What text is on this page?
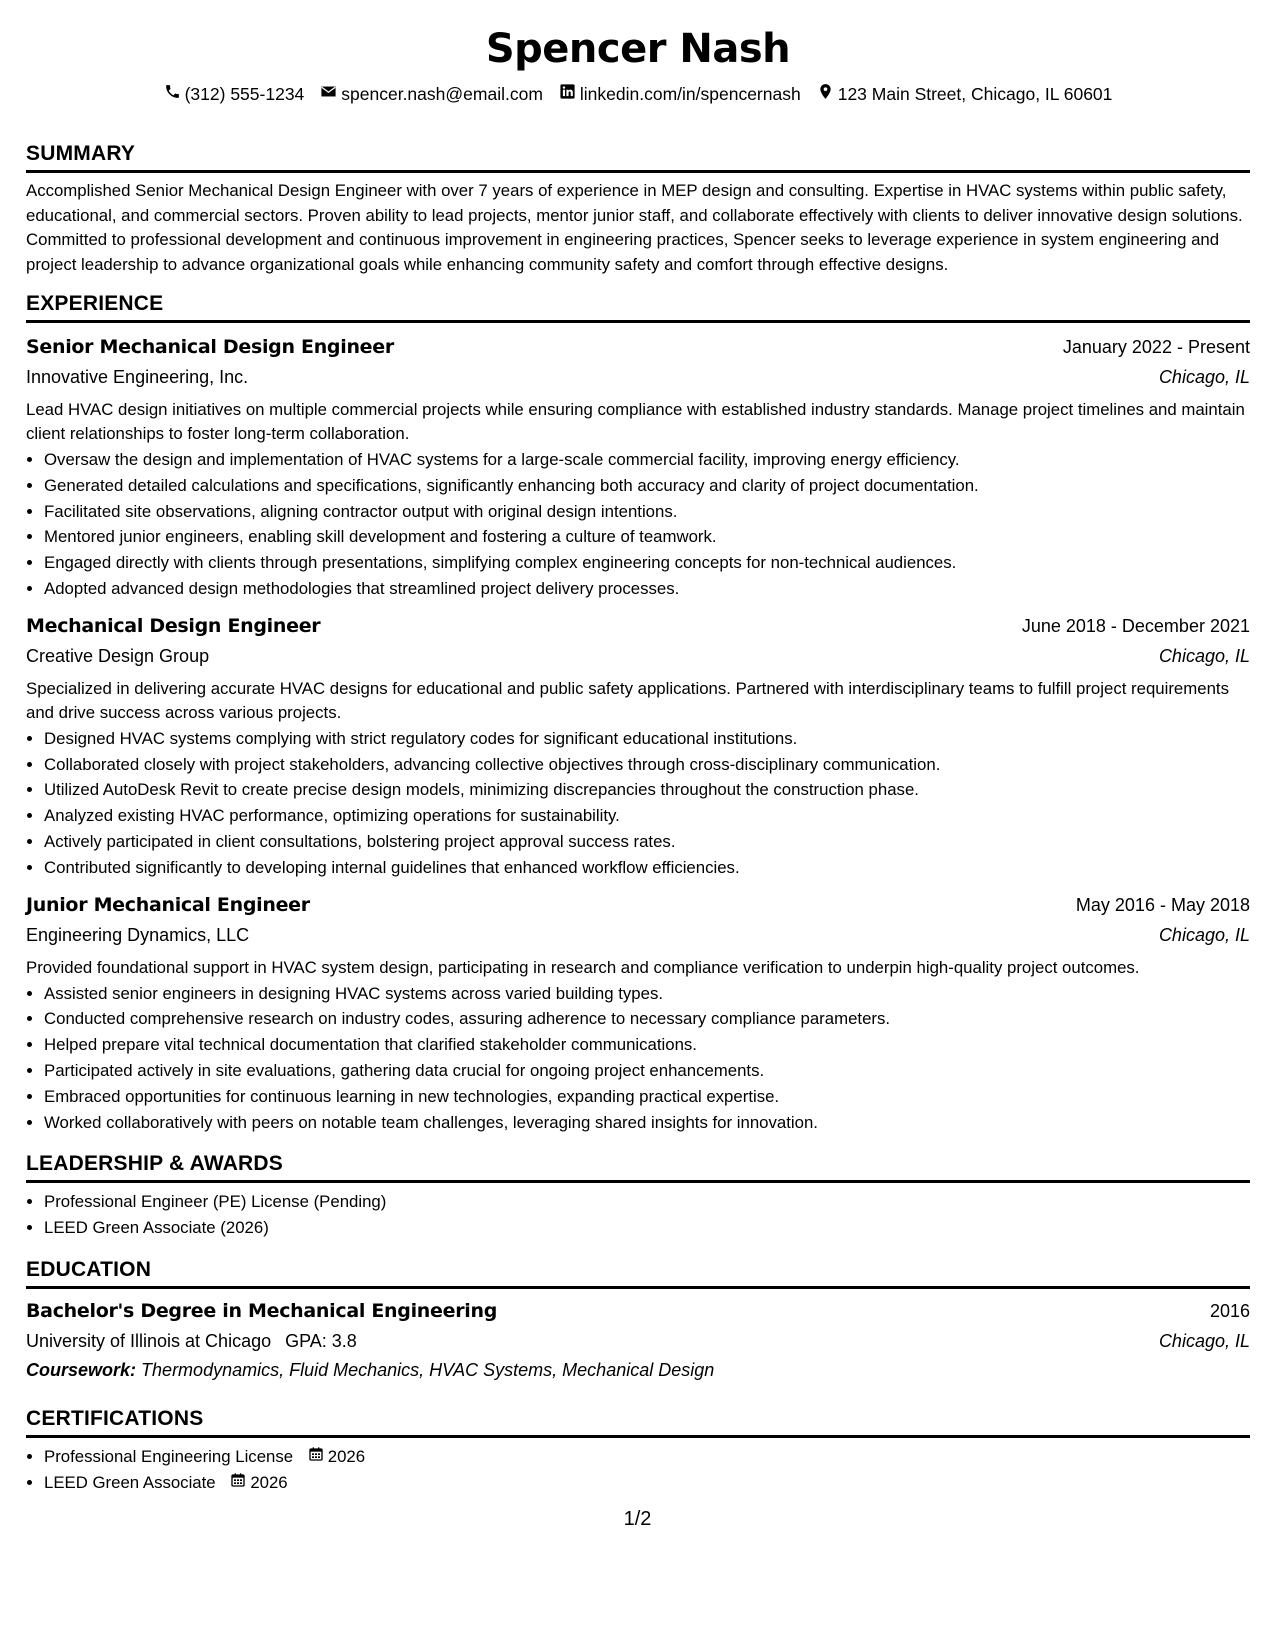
Spencer Nash
(312) 555-1234 spencer.nash@email.com linkedin.com/in/spencernash 123 Main Street, Chicago, IL 60601
SUMMARY

Accomplished Senior Mechanical Design Engineer with over 7 years of experience in MEP design and consulting. Expertise in HVAC systems within public safety, educational, and commercial sectors. Proven ability to lead projects, mentor junior staff, and collaborate effectively with clients to deliver innovative design solutions. Committed to professional development and continuous improvement in engineering practices, Spencer seeks to leverage experience in system engineering and project leadership to advance organizational goals while enhancing community safety and comfort through effective designs.

EXPERIENCE
Senior Mechanical Design Engineer	January 2022 - Present
Innovative Engineering, Inc.	Chicago, IL
Lead HVAC design initiatives on multiple commercial projects while ensuring compliance with established industry standards. Manage project timelines and maintain client relationships to foster long-term collaboration.
• Oversaw the design and implementation of HVAC systems for a large-scale commercial facility, improving energy efficiency.
• Generated detailed calculations and specifications, significantly enhancing both accuracy and clarity of project documentation.
• Facilitated site observations, aligning contractor output with original design intentions.
• Mentored junior engineers, enabling skill development and fostering a culture of teamwork.
• Engaged directly with clients through presentations, simplifying complex engineering concepts for non-technical audiences.
• Adopted advanced design methodologies that streamlined project delivery processes.
Mechanical Design Engineer	June 2018 - December 2021
Creative Design Group	Chicago, IL
Specialized in delivering accurate HVAC designs for educational and public safety applications. Partnered with interdisciplinary teams to fulfill project requirements and drive success across various projects.
• Designed HVAC systems complying with strict regulatory codes for significant educational institutions.
• Collaborated closely with project stakeholders, advancing collective objectives through cross-disciplinary communication.
• Utilized AutoDesk Revit to create precise design models, minimizing discrepancies throughout the construction phase.
• Analyzed existing HVAC performance, optimizing operations for sustainability.
• Actively participated in client consultations, bolstering project approval success rates.
• Contributed significantly to developing internal guidelines that enhanced workflow efficiencies.
Junior Mechanical Engineer	May 2016 - May 2018
Engineering Dynamics, LLC	Chicago, IL
Provided foundational support in HVAC system design, participating in research and compliance verification to underpin high-quality project outcomes.
• Assisted senior engineers in designing HVAC systems across varied building types.
• Conducted comprehensive research on industry codes, assuring adherence to necessary compliance parameters.
• Helped prepare vital technical documentation that clarified stakeholder communications.
• Participated actively in site evaluations, gathering data crucial for ongoing project enhancements.
• Embraced opportunities for continuous learning in new technologies, expanding practical expertise.
• Worked collaboratively with peers on notable team challenges, leveraging shared insights for innovation.
LEADERSHIP & AWARDS
• Professional Engineer (PE) License (Pending)
• LEED Green Associate (2026)
EDUCATION
Bachelor's Degree in Mechanical Engineering	2016
University of Illinois at Chicago GPA: 3.8	Chicago, IL
Coursework: Thermodynamics, Fluid Mechanics, HVAC Systems, Mechanical Design
CERTIFICATIONS
• Professional Engineering License 2026
• LEED Green Associate 2026
1/2
